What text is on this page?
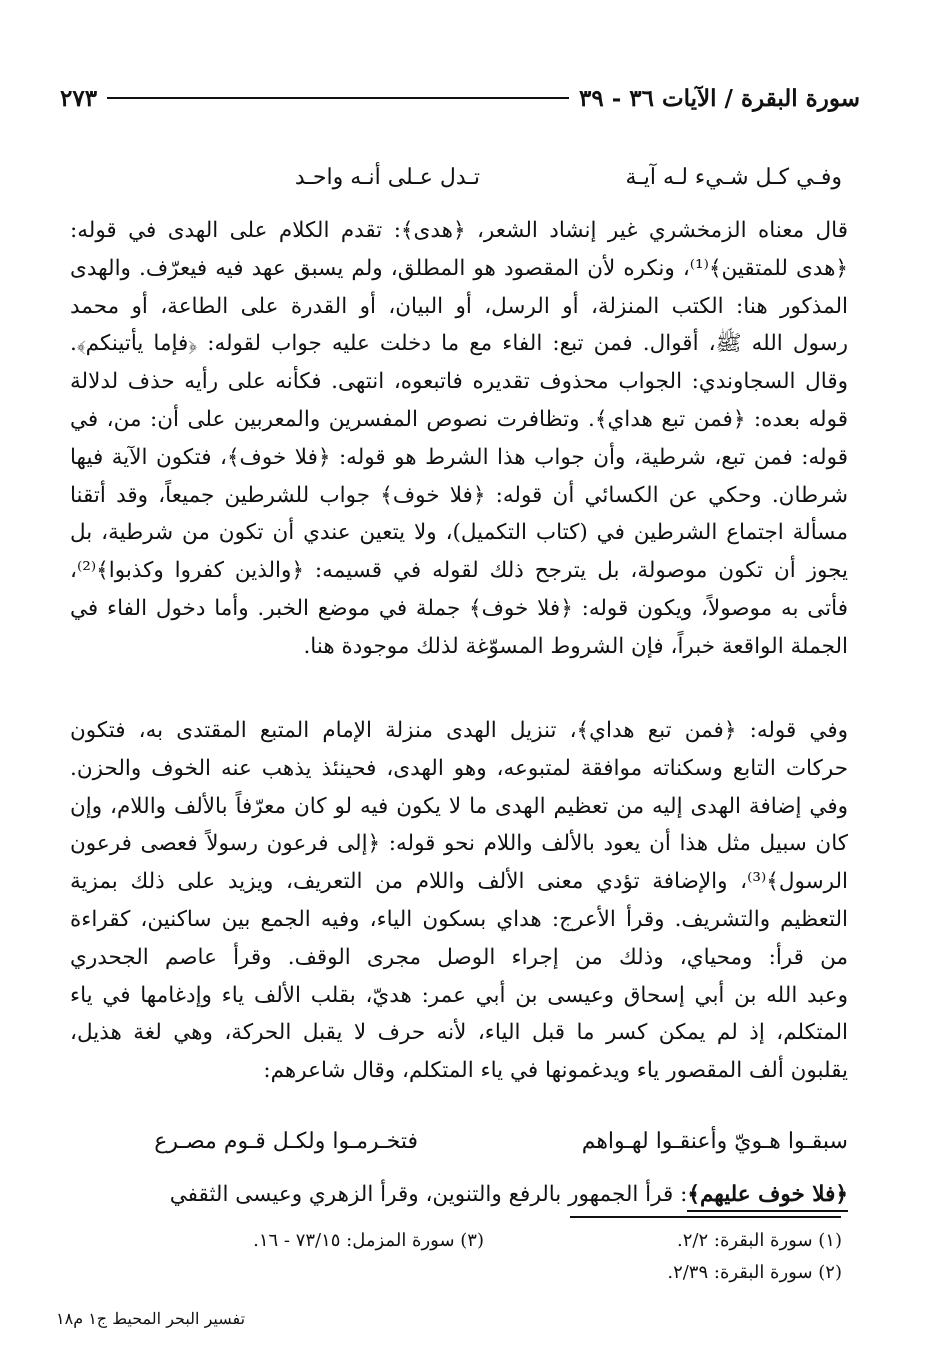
سورة البقرة / الآيات ٣٦ - ٣٩
٢٧٣
وفـي كـل شـيء لـه آيـة
تـدل عـلى أنـه واحـد
قال معناه الزمخشري غير إنشاد الشعر، ﴿هدى﴾: تقدم الكلام على الهدى في قوله:
﴿هدى للمتقين﴾⁽¹⁾، ونكره لأن المقصود هو المطلق، ولم يسبق عهد فيه فيعرّف. والهدى
المذكور هنا: الكتب المنزلة، أو الرسل، أو البيان، أو القدرة على الطاعة، أو محمد
رسول الله ﷺ، أقوال. فمن تبع: الفاء مع ما دخلت عليه جواب لقوله: ﴿فإما يأتينكم﴾.
وقال السجاوندي: الجواب محذوف تقديره فاتبعوه، انتهى. فكأنه على رأيه حذف لدلالة
قوله بعده: ﴿فمن تبع هداي﴾. وتظافرت نصوص المفسرين والمعربين على أن: من، في
قوله: فمن تبع، شرطية، وأن جواب هذا الشرط هو قوله: ﴿فلا خوف﴾، فتكون الآية فيها
شرطان. وحكي عن الكسائي أن قوله: ﴿فلا خوف﴾ جواب للشرطين جميعاً، وقد أتقنا
مسألة اجتماع الشرطين في (كتاب التكميل)، ولا يتعين عندي أن تكون من شرطية، بل
يجوز أن تكون موصولة، بل يترجح ذلك لقوله في قسيمه: ﴿والذين كفروا وكذبوا﴾⁽²⁾،
فأتى به موصولاً، ويكون قوله: ﴿فلا خوف﴾ جملة في موضع الخبر. وأما دخول الفاء في
الجملة الواقعة خبراً، فإن الشروط المسوّغة لذلك موجودة هنا.
وفي قوله: ﴿فمن تبع هداي﴾، تنزيل الهدى منزلة الإمام المتبع المقتدى به، فتكون
حركات التابع وسكناته موافقة لمتبوعه، وهو الهدى، فحينئذ يذهب عنه الخوف والحزن.
وفي إضافة الهدى إليه من تعظيم الهدى ما لا يكون فيه لو كان معرّفاً بالألف واللام، وإن
كان سبيل مثل هذا أن يعود بالألف واللام نحو قوله: ﴿إلى فرعون رسولاً فعصى فرعون
الرسول﴾⁽³⁾، والإضافة تؤدي معنى الألف واللام من التعريف، ويزيد على ذلك بمزية
التعظيم والتشريف. وقرأ الأعرج: هداي بسكون الياء، وفيه الجمع بين ساكنين، كقراءة
من قرأ: ومحياي، وذلك من إجراء الوصل مجرى الوقف. وقرأ عاصم الجحدري
وعبد الله بن أبي إسحاق وعيسى بن أبي عمر: هديّ، بقلب الألف ياء وإدغامها في ياء
المتكلم، إذ لم يمكن كسر ما قبل الياء، لأنه حرف لا يقبل الحركة، وهي لغة هذيل،
يقلبون ألف المقصور ياء ويدغمونها في ياء المتكلم، وقال شاعرهم:
سبقـوا هـويّ وأعنقـوا لهـواهم
فتخـرمـوا ولكـل قـوم مصـرع
﴿فلا خوف عليهم﴾: قرأ الجمهور بالرفع والتنوين، وقرأ الزهري وعيسى الثقفي
(١) سورة البقرة: ٢/٢.
(٣) سورة المزمل: ٧٣/١٥ - ١٦.
(٢) سورة البقرة: ٢/٣٩.
تفسير البحر المحيط ج١ م١٨
